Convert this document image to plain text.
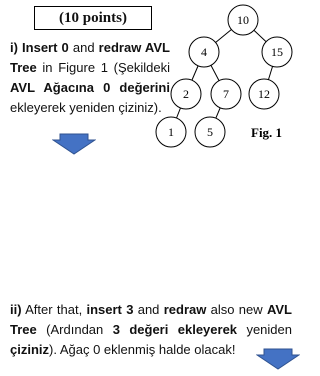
(10 points)
i) Insert 0 and redraw AVL Tree in Figure 1 (Şekildeki AVL Ağacına 0 değerini ekleyerek yeniden çiziniz).
10
4	15
2	7 12
1	5	Fig. 1
ii) After that, insert 3 and redraw also new AVL Tree (Ardından 3 değeri ekleyerek yeniden çiziniz). Ağaç 0 eklenmiş halde olacak!
